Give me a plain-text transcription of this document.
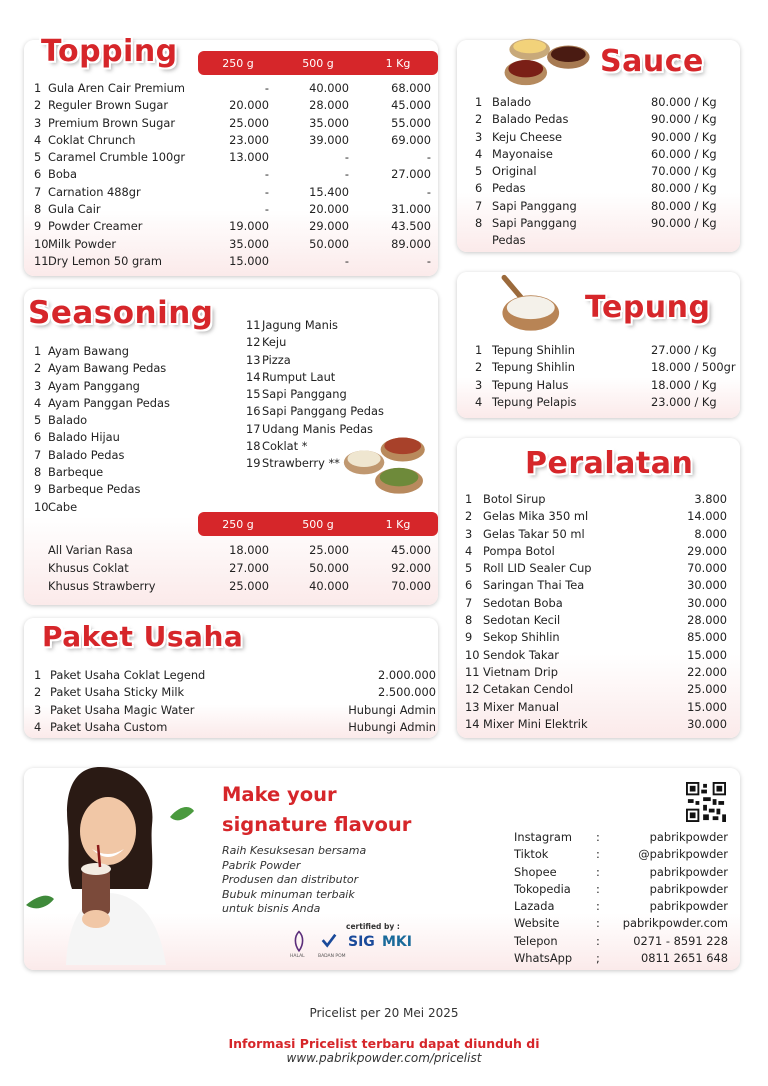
Topping	250 g	500 g	1 Kg
1 Gula Aren Cair Premium	-	40.000	68.000
2 Reguler Brown Sugar	20.000	28.000	45.000
3 Premium Brown Sugar	25.000	35.000	55.000
4 Coklat Chrunch	23.000	39.000	69.000
5 Caramel Crumble 100gr	13.000	-	-
6 Boba	-	-	27.000
7 Carnation 488gr	-	15.400	-
8 Gula Cair	-	20.000	31.000
9 Powder Creamer	19.000	29.000	43.500
10 Milk Powder	35.000	50.000	89.000
11 Dry Lemon 50 gram	15.000	-	-
Sauce
1 Balado	80.000 / Kg
2 Balado Pedas	90.000 / Kg
3 Keju Cheese	90.000 / Kg
4 Mayonaise	60.000 / Kg
5 Original	70.000 / Kg
6 Pedas	80.000 / Kg
7 Sapi Panggang	80.000 / Kg
8 Sapi Panggang	90.000 / Kg
Pedas
Seasoning
1 Ayam Bawang
2 Ayam Bawang Pedas
3 Ayam Panggang
4 Ayam Panggan Pedas
5 Balado
6 Balado Hijau
7 Balado Pedas
8 Barbeque
9 Barbeque Pedas
10 Cabe
11 Jagung Manis
12 Keju
13 Pizza
14 Rumput Laut
15 Sapi Panggang
16 Sapi Panggang Pedas
17 Udang Manis Pedas
18 Coklat *
19 Strawberry **
250 g	500 g	1 Kg
All Varian Rasa	18.000	25.000	45.000
Khusus Coklat	27.000	50.000	92.000
Khusus Strawberry	25.000	40.000	70.000
Tepung
1 Tepung Shihlin	27.000 / Kg
2 Tepung Shihlin	18.000 / 500gr
3 Tepung Halus	18.000 / Kg
4 Tepung Pelapis	23.000 / Kg
Peralatan
1 Botol Sirup	3.800
2 Gelas Mika 350 ml	14.000
3 Gelas Takar 50 ml	8.000
4 Pompa Botol	29.000
5 Roll LID Sealer Cup	70.000
6 Saringan Thai Tea	30.000
7 Sedotan Boba	30.000
8 Sedotan Kecil	28.000
9 Sekop Shihlin	85.000
10 Sendok Takar	15.000
11 Vietnam Drip	22.000
12 Cetakan Cendol	25.000
13 Mixer Manual	15.000
14 Mixer Mini Elektrik	30.000
Paket Usaha
1 Paket Usaha Coklat Legend	2.000.000
2 Paket Usaha Sticky Milk	2.500.000
3 Paket Usaha Magic Water	Hubungi Admin
4 Paket Usaha Custom	Hubungi Admin
Make your
signature flavour
Raih Kesuksesan bersama
Pabrik Powder
Produsen dan distributor
Bubuk minuman terbaik
untuk bisnis Anda
certified by :
HALAL	BADAN POM
SIG MKI
Instagram :	pabrikpowder
Tiktok	:	@pabrikpowder
Shopee	:	pabrikpowder
Tokopedia :	pabrikpowder
Lazada	:	pabrikpowder
Website	: pabrikpowder.com
Telepon	:	0271 - 8591 228
WhatsApp ;	0811 2651 648
Pricelist per 20 Mei 2025
Informasi Pricelist terbaru dapat diunduh di
www.pabrikpowder.com/pricelist
